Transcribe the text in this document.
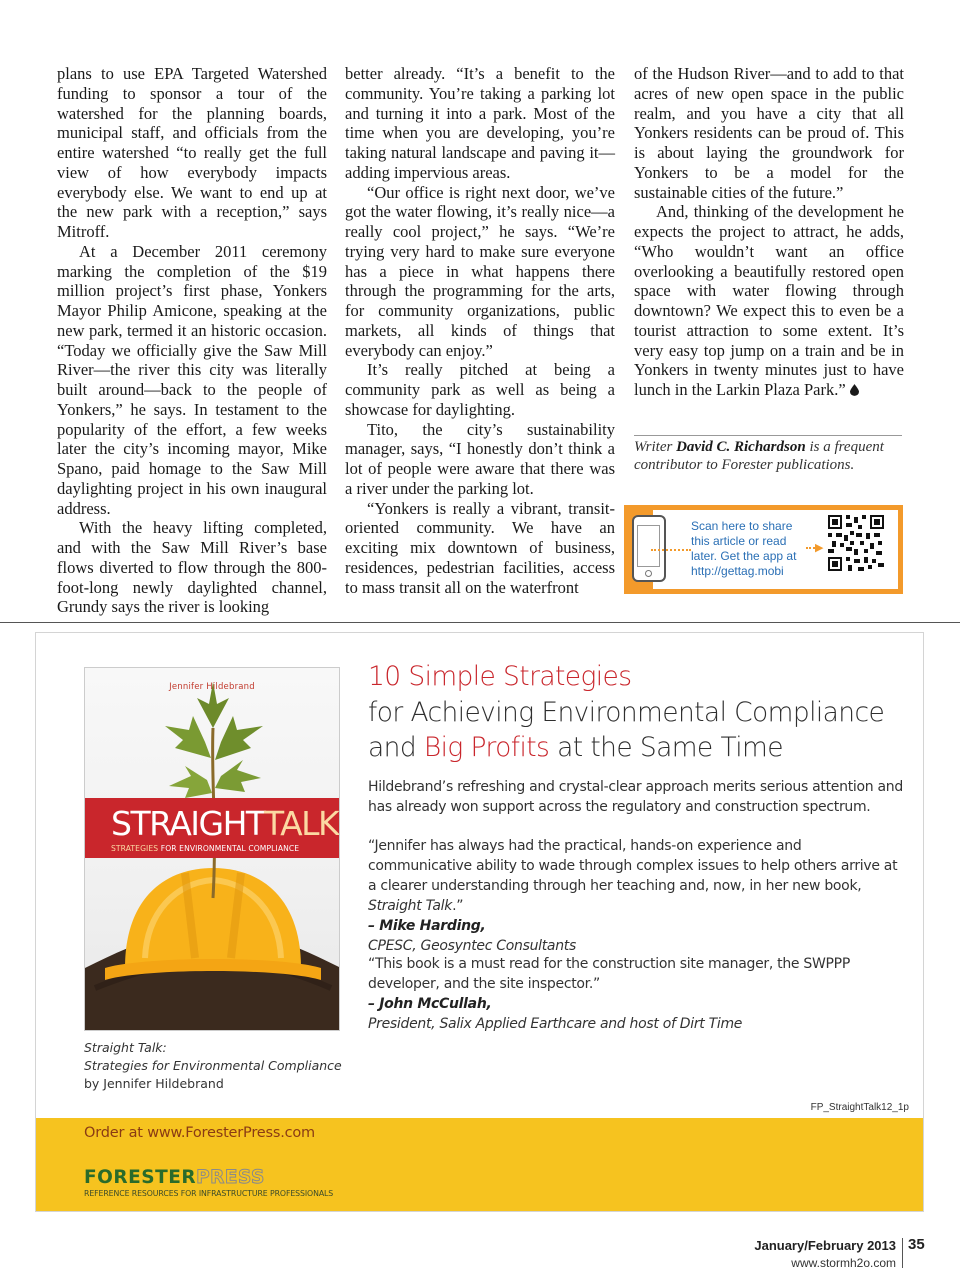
plans to use EPA Targeted Watershed funding to sponsor a tour of the watershed for the planning boards, municipal staff, and officials from the entire watershed “to really get the full view of how everybody impacts everybody else. We want to end up at the new park with a reception,” says Mitroff.

At a December 2011 ceremony marking the completion of the $19 million project’s first phase, Yonkers Mayor Philip Amicone, speaking at the new park, termed it an historic occasion. “Today we officially give the Saw Mill River—the river this city was literally built around—back to the people of Yonkers,” he says. In testament to the popularity of the effort, a few weeks later the city’s incoming mayor, Mike Spano, paid homage to the Saw Mill daylighting project in his own inaugural address.

With the heavy lifting completed, and with the Saw Mill River’s base flows diverted to flow through the 800-foot-long newly daylighted channel, Grundy says the river is looking

better already. “It’s a benefit to the community. You’re taking a parking lot and turning it into a park. Most of the time when you are developing, you’re taking natural landscape and paving it—adding impervious areas.

“Our office is right next door, we’ve got the water flowing, it’s really nice—a really cool project,” he says. “We’re trying very hard to make sure everyone has a piece in what happens there through the programming for the arts, for community organizations, public markets, all kinds of things that everybody can enjoy.”

It’s really pitched at being a community park as well as being a showcase for daylighting.

Tito, the city’s sustainability manager, says, “I honestly don’t think a lot of people were aware that there was a river under the parking lot.

“Yonkers is really a vibrant, transit-oriented community. We have an exciting mix downtown of business, residences, pedestrian facilities, access to mass transit all on the waterfront

of the Hudson River—and to add to that acres of new open space in the public realm, and you have a city that all Yonkers residents can be proud of. This is about laying the groundwork for Yonkers to be a model for the sustainable cities of the future.”

And, thinking of the development he expects the project to attract, he adds, “Who wouldn’t want an office overlooking a beautifully restored open space with water flowing through downtown? We expect this to even be a tourist attraction to some extent. It’s very easy top jump on a train and be in Yonkers in twenty minutes just to have lunch in the Larkin Plaza Park.”

Writer David C. Richardson is a frequent contributor to Forester publications.
Scan here to share this article or read later. Get the app at http://gettag.mobi
▶
Jennifer Hildebrand
STRAIGHTTALK
STRATEGIES FOR ENVIRONMENTAL COMPLIANCE
Straight Talk:
Strategies for Environmental Compliance
by Jennifer Hildebrand
10 Simple Strategies
for Achieving Environmental Compliance
and Big Profits at the Same Time
Hildebrand’s refreshing and crystal-clear approach merits serious attention and has already won support across the regulatory and construction spectrum.
“Jennifer has always had the practical, hands-on experience and communicative ability to wade through complex issues to help others arrive at a clearer understanding through her teaching and, now, in her new book, Straight Talk.”
– Mike Harding,
CPESC, Geosyntec Consultants
“This book is a must read for the construction site manager, the SWPPP developer, and the site inspector.”
– John McCullah,
President, Salix Applied Earthcare and host of Dirt Time
FP_StraightTalk12_1p
Order at www.ForesterPress.com
FORESTERPRESS
REFERENCE RESOURCES FOR INFRASTRUCTURE PROFESSIONALS
January/February 2013 35
www.stormh2o.com
